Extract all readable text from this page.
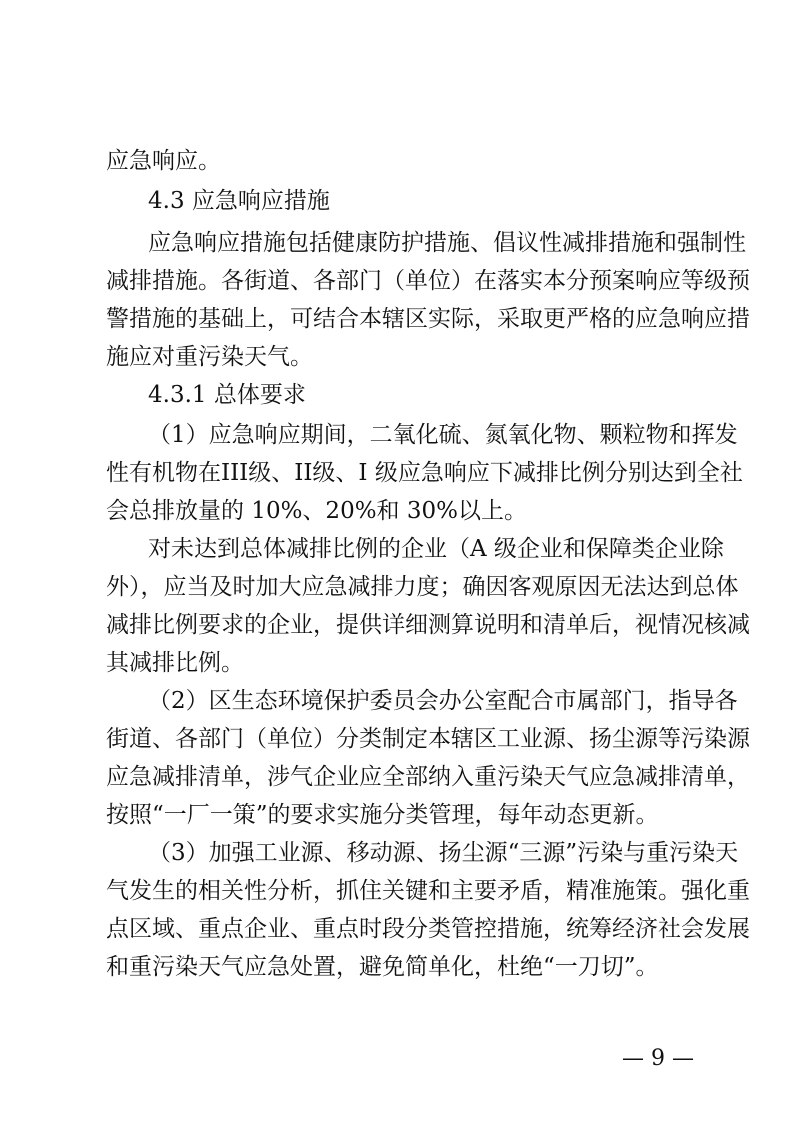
应急响应。
4.3 应急响应措施
应急响应措施包括健康防护措施、倡议性减排措施和强制性
减排措施。各街道、各部门（单位）在落实本分预案响应等级预
警措施的基础上，可结合本辖区实际，采取更严格的应急响应措
施应对重污染天气。
4.3.1 总体要求
（1）应急响应期间，二氧化硫、氮氧化物、颗粒物和挥发
性有机物在III级、II级、I 级应急响应下减排比例分别达到全社
会总排放量的 10%、20%和 30%以上。
对未达到总体减排比例的企业（A 级企业和保障类企业除
外），应当及时加大应急减排力度；确因客观原因无法达到总体
减排比例要求的企业，提供详细测算说明和清单后，视情况核减
其减排比例。
（2）区生态环境保护委员会办公室配合市属部门，指导各
街道、各部门（单位）分类制定本辖区工业源、扬尘源等污染源
应急减排清单，涉气企业应全部纳入重污染天气应急减排清单，
按照“一厂一策”的要求实施分类管理，每年动态更新。
（3）加强工业源、移动源、扬尘源“三源”污染与重污染天
气发生的相关性分析，抓住关键和主要矛盾，精准施策。强化重
点区域、重点企业、重点时段分类管控措施，统筹经济社会发展
和重污染天气应急处置，避免简单化，杜绝“一刀切”。
— 9 —
